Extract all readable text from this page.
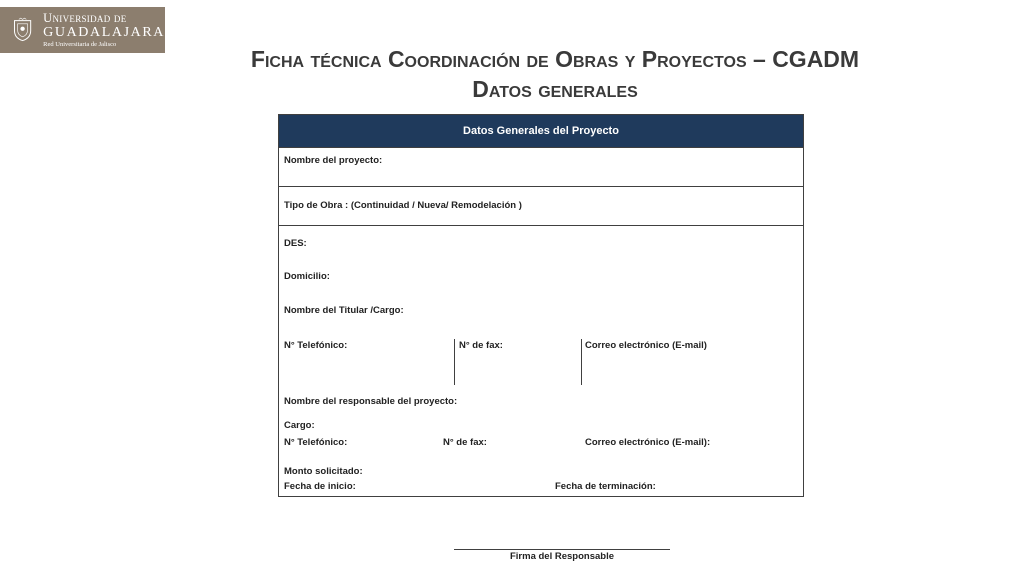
Universidad de
GUADALAJARA
Red Universitaria de Jalisco
Ficha técnica Coordinación de Obras y Proyectos – CGADM
Datos generales
Datos Generales del Proyecto
Nombre del proyecto:
Tipo de Obra : (Continuidad / Nueva/ Remodelación )
DES:
Domicilio:
Nombre del Titular /Cargo:
N° Telefónico:	N° de fax:	Correo electrónico (E-mail)
Nombre del responsable del proyecto:
Cargo:
N° Telefónico:	N° de fax:	Correo electrónico (E-mail):
Monto solicitado:
Fecha de inicio:	Fecha de terminación:
Firma del Responsable
